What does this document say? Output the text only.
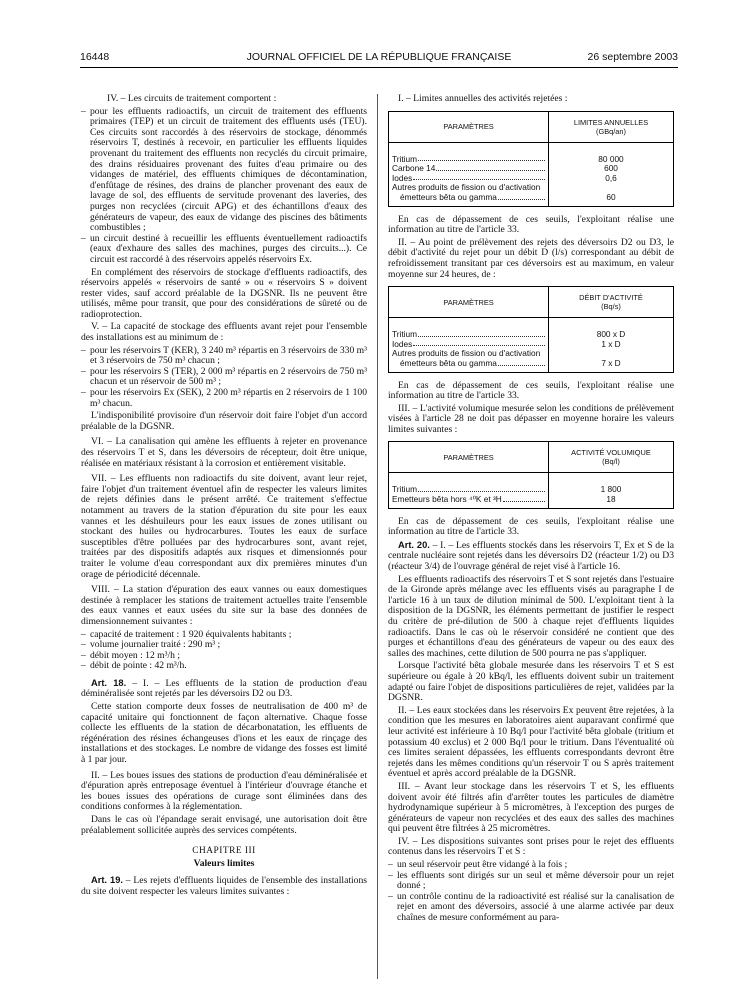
16448	JOURNAL OFFICIEL DE LA RÉPUBLIQUE FRANÇAISE	26 septembre 2003

IV. – Les circuits de traitement comportent :

– pour les effluents radioactifs, un circuit de traitement des effluents primaires (TEP) et un circuit de traitement des effluents usés (TEU). Ces circuits sont raccordés à des réservoirs de stockage, dénommés réservoirs T, destinés à recevoir, en particulier les effluents liquides provenant du traitement des effluents non recyclés du circuit primaire, des drains résiduaires provenant des fuites d'eau primaire ou des vidanges de matériel, des effluents chimiques de décontamination, d'enfûtage de résines, des drains de plancher provenant des eaux de lavage de sol, des effluents de servitude provenant des laveries, des purges non recyclées (circuit APG) et des échantillons d'eaux des générateurs de vapeur, des eaux de vidange des piscines des bâtiments combustibles ;
– un circuit destiné à recueillir les effluents éventuellement radioactifs (eaux d'exhaure des salles des machines, purges des circuits...). Ce circuit est raccordé à des réservoirs appelés réservoirs Ex.

En complément des réservoirs de stockage d'effluents radioactifs, des réservoirs appelés « réservoirs de santé » ou « réservoirs S » doivent rester vides, sauf accord préalable de la DGSNR. Ils ne peuvent être utilisés, même pour transit, que pour des considérations de sûreté ou de radioprotection.

V. – La capacité de stockage des effluents avant rejet pour l'ensemble des installations est au minimum de :

– pour les réservoirs T (KER), 3 240 m³ répartis en 3 réservoirs de 330 m³ et 3 réservoirs de 750 m³ chacun ;
– pour les réservoirs S (TER), 2 000 m³ répartis en 2 réservoirs de 750 m³ chacun et un réservoir de 500 m³ ;
– pour les réservoirs Ex (SEK), 2 200 m³ répartis en 2 réservoirs de 1 100 m³ chacun.

L'indisponibilité provisoire d'un réservoir doit faire l'objet d'un accord préalable de la DGSNR.

VI. – La canalisation qui amène les effluents à rejeter en provenance des réservoirs T et S, dans les déversoirs de récepteur, doit être unique, réalisée en matériaux résistant à la corrosion et entièrement visitable.

VII. – Les effluents non radioactifs du site doivent, avant leur rejet, faire l'objet d'un traitement éventuel afin de respecter les valeurs limites de rejets définies dans le présent arrêté. Ce traitement s'effectue notamment au travers de la station d'épuration du site pour les eaux vannes et les déshuileurs pour les eaux issues de zones utilisant ou stockant des huiles ou hydrocarbures. Toutes les eaux de surface susceptibles d'être polluées par des hydrocarbures sont, avant rejet, traitées par des dispositifs adaptés aux risques et dimensionnés pour traiter le volume d'eau correspondant aux dix premières minutes d'un orage de périodicité décennale.

VIII. – La station d'épuration des eaux vannes ou eaux domestiques destinée à remplacer les stations de traitement actuelles traite l'ensemble des eaux vannes et eaux usées du site sur la base des données de dimensionnement suivantes :

– capacité de traitement : 1 920 équivalents habitants ;
– volume journalier traité : 290 m³ ;
– débit moyen : 12 m³/h ;
– débit de pointe : 42 m³/h.

Art. 18. – I. – Les effluents de la station de production d'eau déminéralisée sont rejetés par les déversoirs D2 ou D3.

Cette station comporte deux fosses de neutralisation de 400 m³ de capacité unitaire qui fonctionnent de façon alternative. Chaque fosse collecte les effluents de la station de décarbonatation, les effluents de régénération des résines échangeuses d'ions et les eaux de rinçage des installations et des stockages. Le nombre de vidange des fosses est limité à 1 par jour.

II. – Les boues issues des stations de production d'eau déminéralisée et d'épuration après entreposage éventuel à l'intérieur d'ouvrage étanche et les boues issues des opérations de curage sont éliminées dans des conditions conformes à la réglementation.

Dans le cas où l'épandage serait envisagé, une autorisation doit être préalablement sollicitée auprès des services compétents.

CHAPITRE III
Valeurs limites

Art. 19. – Les rejets d'effluents liquides de l'ensemble des installations du site doivent respecter les valeurs limites suivantes :

I. – Limites annuelles des activités rejetées :

PARAMÈTRES	LIMITES ANNUELLES
(GBq/an)

Tritium	80 000

Carbone 14	600

Iodes	0,6

Autres produits de fission ou d'activation
émetteurs bêta ou gamma	60

En cas de dépassement de ces seuils, l'exploitant réalise une information au titre de l'article 33.

II. – Au point de prélèvement des rejets des déversoirs D2 ou D3, le débit d'activité du rejet pour un débit D (l/s) correspondant au débit de refroidissement transitant par ces déversoirs est au maximum, en valeur moyenne sur 24 heures, de :

PARAMÈTRES	DÉBIT D'ACTIVITÉ
(Bq/s)

Tritium	800 x D

Iodes	1 x D

Autres produits de fission ou d'activation
émetteurs bêta ou gamma	7 x D

En cas de dépassement de ces seuils, l'exploitant réalise une information au titre de l'article 33.

III. – L'activité volumique mesurée selon les conditions de prélèvement visées à l'article 28 ne doit pas dépasser en moyenne horaire les valeurs limites suivantes :

PARAMÈTRES	ACTIVITÉ VOLUMIQUE
(Bq/l)

Tritium	1 800

Emetteurs bêta hors ⁴⁰K et ³H	18

En cas de dépassement de ces seuils, l'exploitant réalise une information au titre de l'article 33.

Art. 20. – I. – Les effluents stockés dans les réservoirs T, Ex et S de la centrale nucléaire sont rejetés dans les déversoirs D2 (réacteur 1/2) ou D3 (réacteur 3/4) de l'ouvrage général de rejet visé à l'article 16.

Les effluents radioactifs des réservoirs T et S sont rejetés dans l'estuaire de la Gironde après mélange avec les effluents visés au paragraphe I de l'article 16 à un taux de dilution minimal de 500. L'exploitant tient à la disposition de la DGSNR, les éléments permettant de justifier le respect du critère de pré-dilution de 500 à chaque rejet d'effluents liquides radioactifs. Dans le cas où le réservoir considéré ne contient que des purges et échantillons d'eau des générateurs de vapeur ou des eaux des salles des machines, cette dilution de 500 pourra ne pas s'appliquer.

Lorsque l'activité bêta globale mesurée dans les réservoirs T et S est supérieure ou égale à 20 kBq/l, les effluents doivent subir un traitement adapté ou faire l'objet de dispositions particulières de rejet, validées par la DGSNR.

II. – Les eaux stockées dans les réservoirs Ex peuvent être rejetées, à la condition que les mesures en laboratoires aient auparavant confirmé que leur activité est inférieure à 10 Bq/l pour l'activité bêta globale (tritium et potassium 40 exclus) et 2 000 Bq/l pour le tritium. Dans l'éventualité où ces limites seraient dépassées, les effluents correspondants devront être rejetés dans les mêmes conditions qu'un réservoir T ou S après traitement éventuel et après accord préalable de la DGSNR.

III. – Avant leur stockage dans les réservoirs T et S, les effluents doivent avoir été filtrés afin d'arrêter toutes les particules de diamètre hydrodynamique supérieur à 5 micromètres, à l'exception des purges de générateurs de vapeur non recyclées et des eaux des salles des machines qui peuvent être filtrées à 25 micromètres.

IV. – Les dispositions suivantes sont prises pour le rejet des effluents contenus dans les réservoirs T et S :

– un seul réservoir peut être vidangé à la fois ;
– les effluents sont dirigés sur un seul et même déversoir pour un rejet donné ;
– un contrôle continu de la radioactivité est réalisé sur la canalisation de rejet en amont des déversoirs, associé à une alarme activée par deux chaînes de mesure conformément au para-
